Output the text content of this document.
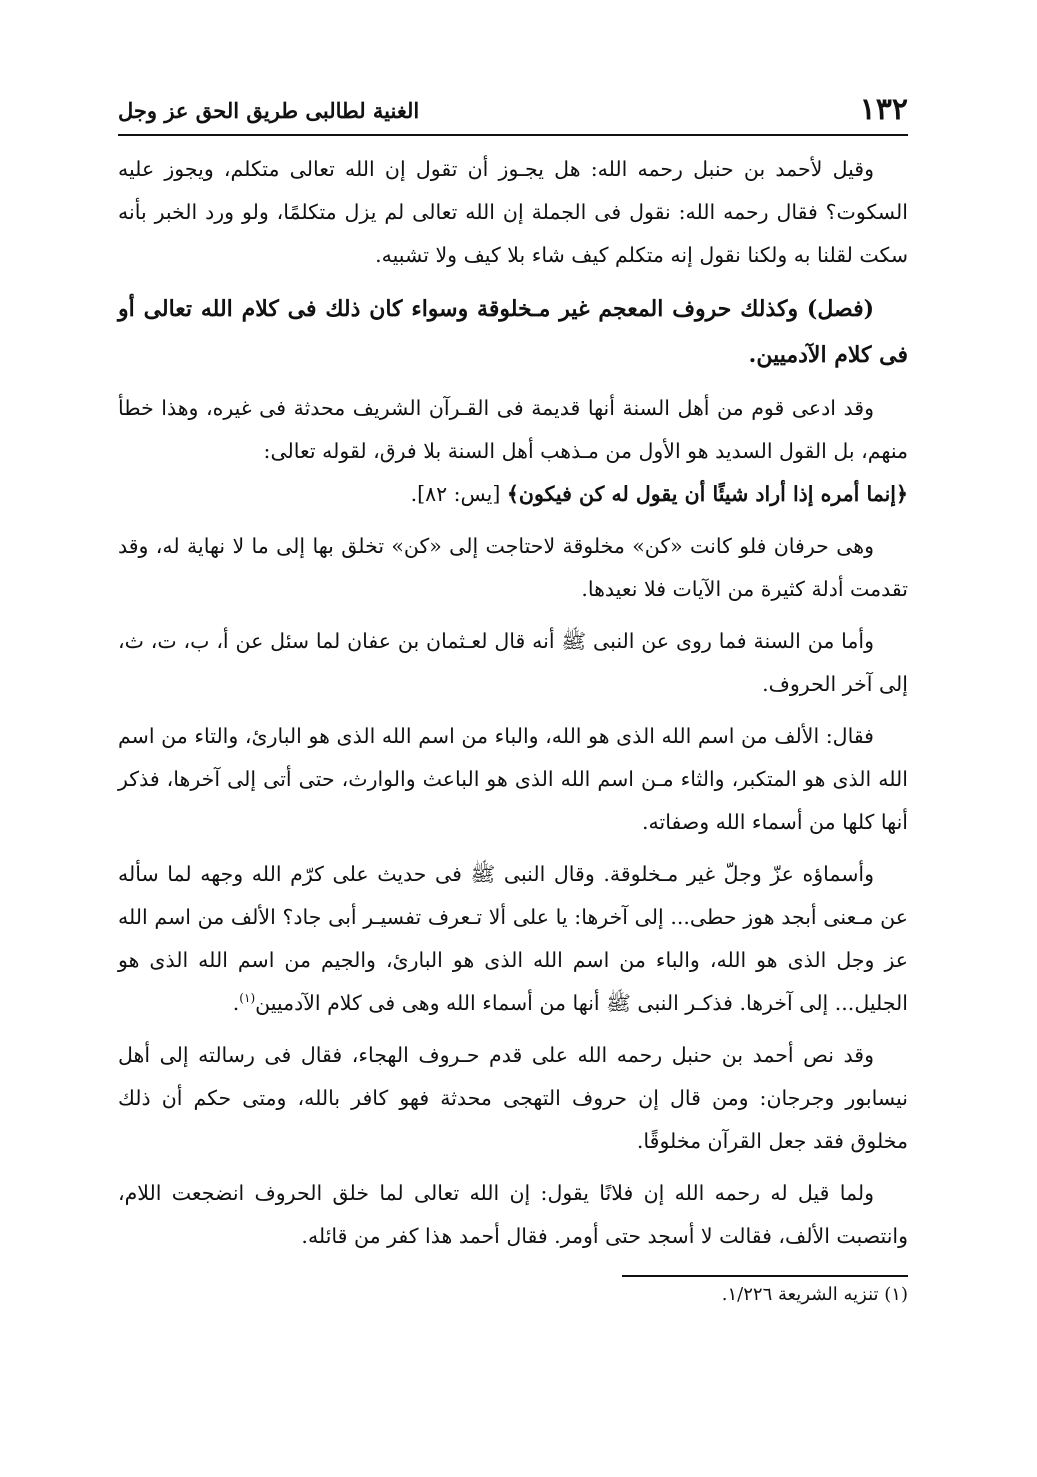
١٣٢
الغنية لطالبى طريق الحق عز وجل

وقيل لأحمد بن حنبل رحمه الله: هل يجـوز أن تقول إن الله تعالى متكلم، ويجوز عليه السكوت؟ فقال رحمه الله: نقول فى الجملة إن الله تعالى لم يزل متكلمًا، ولو ورد الخبر بأنه سكت لقلنا به ولكنا نقول إنه متكلم كيف شاء بلا كيف ولا تشبيه.

(فصل) وكذلك حروف المعجم غير مـخلوقة وسواء كان ذلك فى كلام الله تعالى أو فى كلام الآدميين.

وقد ادعى قوم من أهل السنة أنها قديمة فى القـرآن الشريف محدثة فى غيره، وهذا خطأ منهم، بل القول السديد هو الأول من مـذهب أهل السنة بلا فرق، لقوله تعالى:
﴿إنما أمره إذا أراد شيئًا أن يقول له كن فيكون﴾ [يس: ٨٢].

وهى حرفان فلو كانت «كن» مخلوقة لاحتاجت إلى «كن» تخلق بها إلى ما لا نهاية له، وقد تقدمت أدلة كثيرة من الآيات فلا نعيدها.

وأما من السنة فما روى عن النبى ﷺ أنه قال لعـثمان بن عفان لما سئل عن أ، ب، ت، ث، إلى آخر الحروف.

فقال: الألف من اسم الله الذى هو الله، والباء من اسم الله الذى هو البارئ، والتاء من اسم الله الذى هو المتكبر، والثاء مـن اسم الله الذى هو الباعث والوارث، حتى أتى إلى آخرها، فذكر أنها كلها من أسماء الله وصفاته.

وأسماؤه عزّ وجلّ غير مـخلوقة. وقال النبى ﷺ فى حديث على كرّم الله وجهه لما سأله عن مـعنى أبجد هوز حطى... إلى آخرها: يا على ألا تـعرف تفسيـر أبى جاد؟ الألف من اسم الله عز وجل الذى هو الله، والباء من اسم الله الذى هو البارئ، والجيم من اسم الله الذى هو الجليل... إلى آخرها. فذكـر النبى ﷺ أنها من أسماء الله وهى فى كلام الآدميين$^{(١)}$.

وقد نص أحمد بن حنبل رحمه الله على قدم حـروف الهجاء، فقال فى رسالته إلى أهل نيسابور وجرجان: ومن قال إن حروف التهجى محدثة فهو كافر بالله، ومتى حكم أن ذلك مخلوق فقد جعل القرآن مخلوقًا.

ولما قيل له رحمه الله إن فلانًا يقول: إن الله تعالى لما خلق الحروف انضجعت اللام، وانتصبت الألف، فقالت لا أسجد حتى أومر. فقال أحمد هذا كفر من قائله.

(١) تنزيه الشريعة ١/٢٢٦.
